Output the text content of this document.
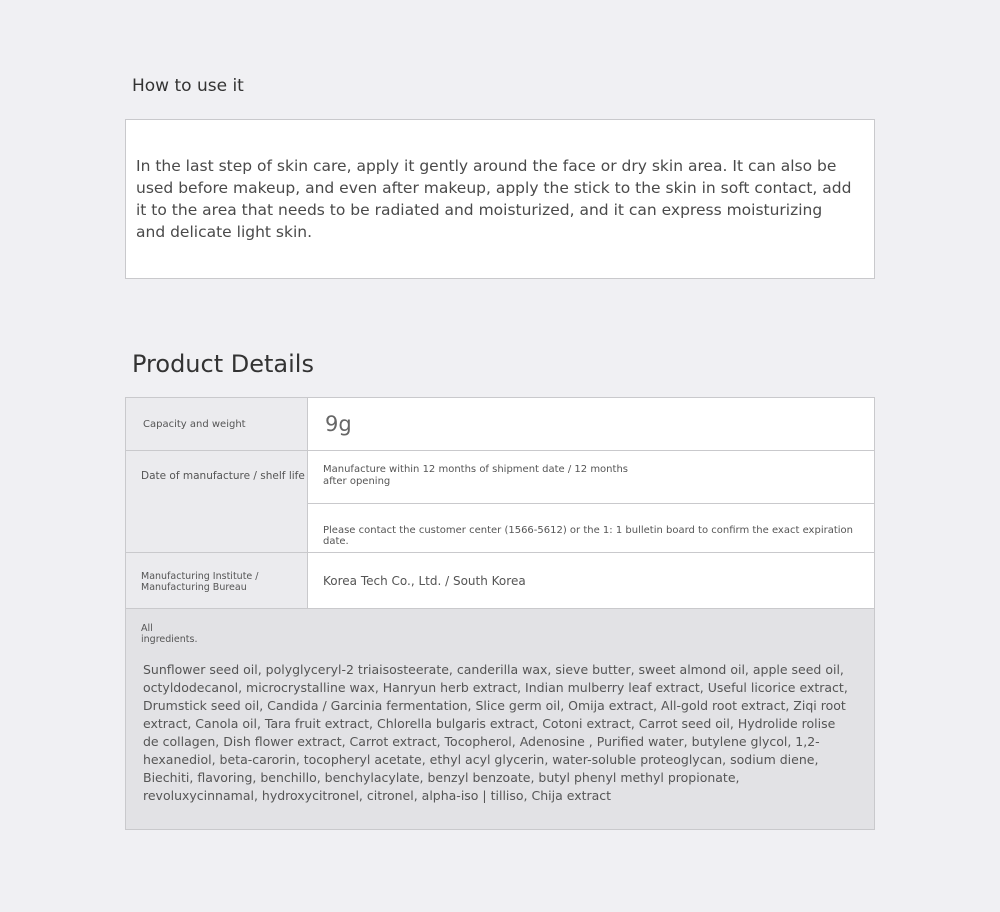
How to use it

In the last step of skin care, apply it gently around the face or dry skin area. It can also be used before makeup, and even after makeup, apply the stick to the skin in soft contact, add it to the area that needs to be radiated and moisturized, and it can express moisturizing and delicate light skin.

Product Details
Capacity and weight	9g
Date of manufacture / shelf life
Manufacture within 12 months of shipment date / 12 months after opening
Please contact the customer center (1566-5612) or the 1: 1 bulletin board to confirm the exact expiration date.
Manufacturing Institute / Manufacturing Bureau	Korea Tech Co., Ltd. / South Korea
All ingredients.

Sunflower seed oil, polyglyceryl-2 triaisosteerate, canderilla wax, sieve butter, sweet almond oil, apple seed oil, octyldodecanol, microcrystalline wax, Hanryun herb extract, Indian mulberry leaf extract, Useful licorice extract, Drumstick seed oil, Candida / Garcinia fermentation, Slice germ oil, Omija extract, All-gold root extract, Ziqi root extract, Canola oil, Tara fruit extract, Chlorella bulgaris extract, Cotoni extract, Carrot seed oil, Hydrolide rolise de collagen, Dish flower extract, Carrot extract, Tocopherol, Adenosine , Purified water, butylene glycol, 1,2-hexanediol, beta-carorin, tocopheryl acetate, ethyl acyl glycerin, water-soluble proteoglycan, sodium diene, Biechiti, flavoring, benchillo, benchylacylate, benzyl benzoate, butyl phenyl methyl propionate, revoluxycinnamal, hydroxycitronel, citronel, alpha-iso | tilliso, Chija extract
